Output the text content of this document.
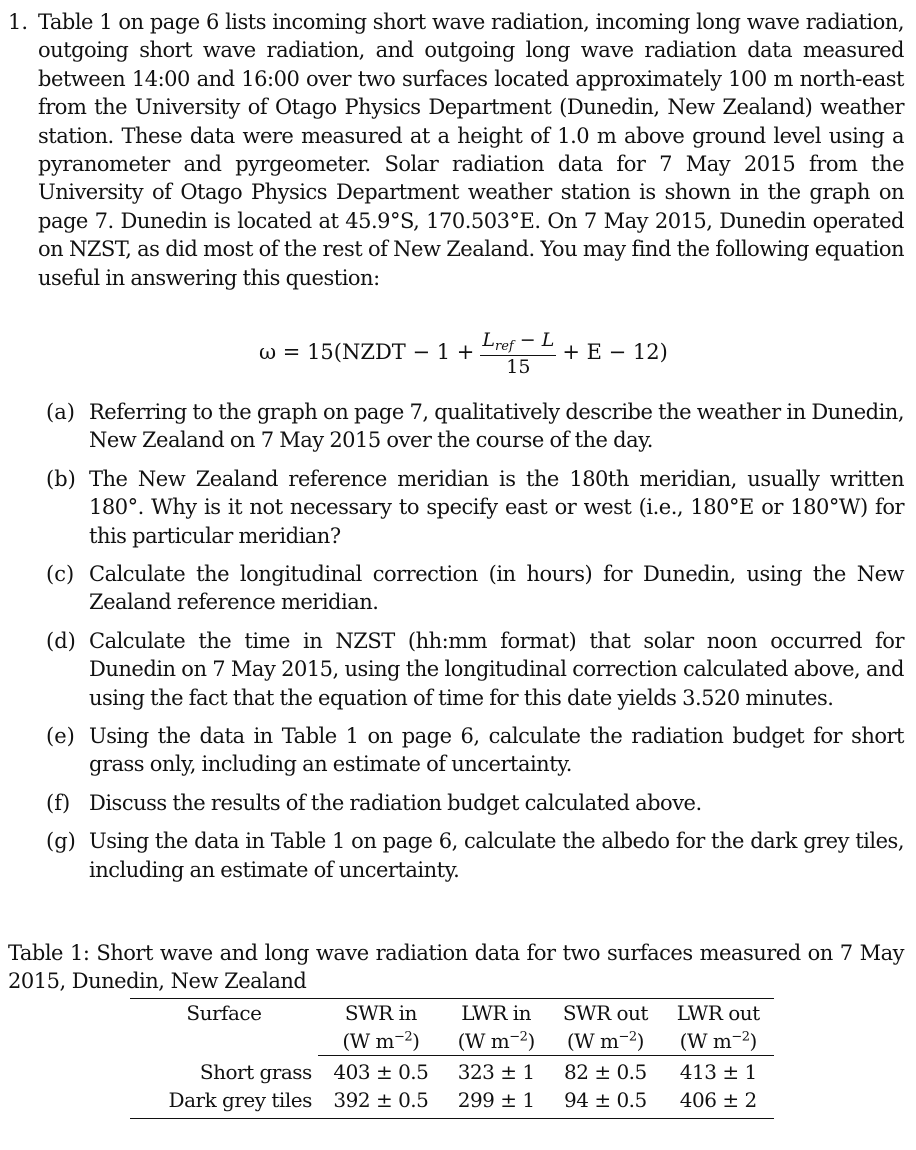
1. Table 1 on page 6 lists incoming short wave radiation, incoming long wave radiation, outgoing short wave radiation, and outgoing long wave radiation data measured between 14:00 and 16:00 over two surfaces located approximately 100 m north-east from the University of Otago Physics Department (Dunedin, New Zealand) weather station. These data were measured at a height of 1.0 m above ground level using a pyranometer and pyrgeometer. Solar radiation data for 7 May 2015 from the University of Otago Physics Department weather station is shown in the graph on page 7. Dunedin is located at 45.9°S, 170.503°E. On 7 May 2015, Dunedin operated on NZST, as did most of the rest of New Zealand. You may find the following equation useful in answering this question:
ω = 15(NZDT − $1 + \frac{L_{ref} - L}{15} + E - 12$)
(a) Referring to the graph on page 7, qualitatively describe the weather in Dunedin, New Zealand on 7 May 2015 over the course of the day.
(b) The New Zealand reference meridian is the 180th meridian, usually written 180°. Why is it not necessary to specify east or west (i.e., 180°E or 180°W) for this particular meridian?
(c) Calculate the longitudinal correction (in hours) for Dunedin, using the New Zealand reference meridian.
(d) Calculate the time in NZST (hh:mm format) that solar noon occurred for Dunedin on 7 May 2015, using the longitudinal correction calculated above, and using the fact that the equation of time for this date yields 3.520 minutes.
(e) Using the data in Table 1 on page 6, calculate the radiation budget for short grass only, including an estimate of uncertainty.
(f) Discuss the results of the radiation budget calculated above.
(g) Using the data in Table 1 on page 6, calculate the albedo for the dark grey tiles, including an estimate of uncertainty.
Table 1: Short wave and long wave radiation data for two surfaces measured on 7 May 2015, Dunedin, New Zealand
Surface	SWR in	LWR in	SWR out	LWR out
	(W $m^{-2}$)	(W $m^{-2}$)	(W $m^{-2}$)	(W $m^{-2}$)
Short grass	403 ± 0.5	323 ± 1	82 ± 0.5	413 ± 1
Dark grey tiles	392 ± 0.5	299 ± 1	94 ± 0.5	406 ± 2
